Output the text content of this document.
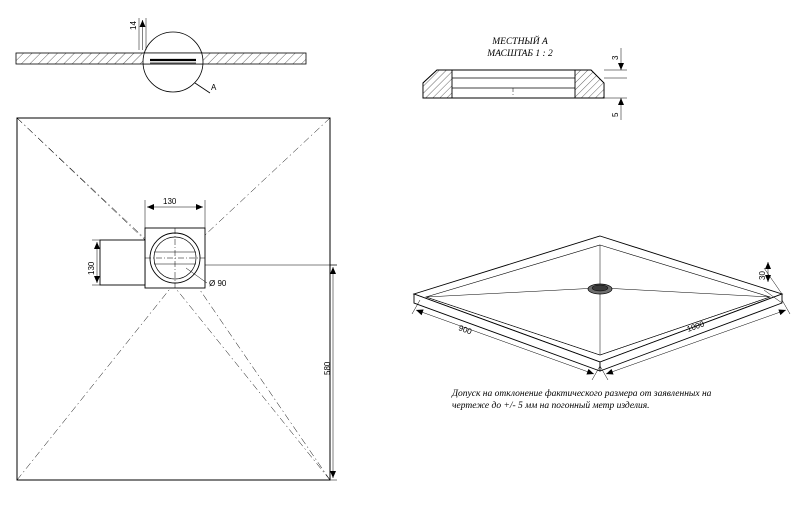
A
14
3
5
130
130
Ø 90
580
900	1000
30
МЕСТНЫЙ А
МАСШТАБ 1 : 2
Допуск на отклонение фактического размера от заявленных на
чертеже до +/- 5 мм на погонный метр изделия.
